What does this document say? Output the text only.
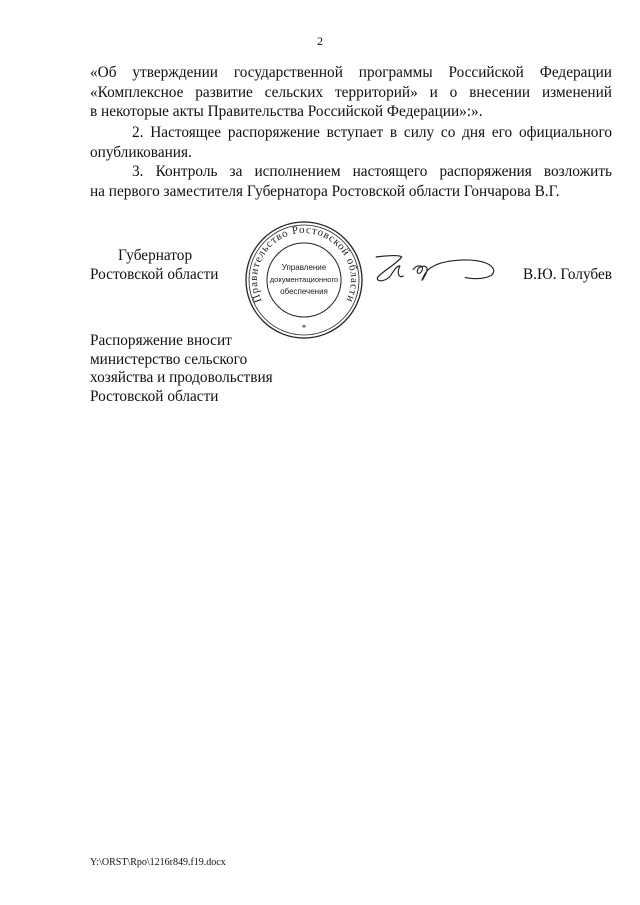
2
«Об утверждении государственной программы Российской Федерации
«Комплексное развитие сельских территорий» и о внесении изменений
в некоторые акты Правительства Российской Федерации»:».
2. Настоящее распоряжение вступает в силу со дня его официального
опубликования.
3. Контроль за исполнением настоящего распоряжения возложить
на первого заместителя Губернатора Ростовской области Гончарова В.Г.
Губернатор
Ростовской области
Правительство Ростовской области
Управление
документационного
обеспечения
*
В.Ю. Голубев
Распоряжение вносит
министерство сельского
хозяйства и продовольствия
Ростовской области
Y:\ORST\Rpo\1216r849.f19.docx
